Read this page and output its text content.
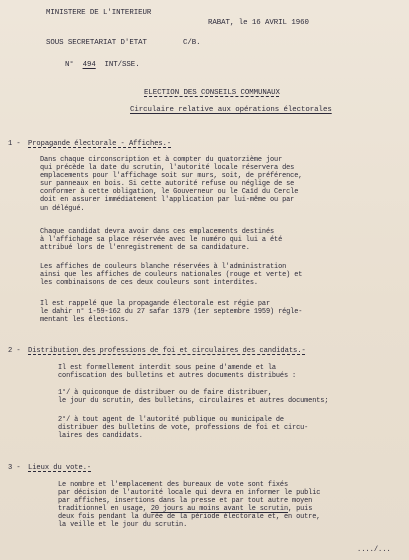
MINISTERE DE L'INTERIEUR
RABAT, le 16 AVRIL 1960
SOUS SECRETARIAT D'ETAT	C/B.
N° 494 INT/SSE.
ELECTION DES CONSEILS COMMUNAUX
Circulaire relative aux opérations électorales
1 - Propagande électorale - Affiches.-
Dans chaque circonscription et à compter du quatorzième jour
qui précède la date du scrutin, l'autorité locale réservera des
emplacements pour l'affichage soit sur murs, soit, de préférence,
sur panneaux en bois. Si cette autorité refuse ou néglige de se
conformer à cette obligation, le Gouverneur ou le Caïd du Cercle
doit en assurer immédiatement l'application par lui-même ou par
un délégué.
Chaque candidat devra avoir dans ces emplacements destinés
à l'affichage sa place réservée avec le numéro qui lui a été
attribué lors de l'enregistrement de sa candidature.
Les affiches de couleurs blanche réservées à l'administration
ainsi que les affiches de couleurs nationales (rouge et verte) et
les combinaisons de ces deux couleurs sont interdites.
Il est rappelé que la propagande électorale est régie par
le dahir n° 1-59-162 du 27 safar 1379 (1er septembre 1959) régle-
mentant les élections.
2 - Distribution des professions de foi et circulaires des candidats.-
Il est formellement interdit sous peine d'amende et la
confiscation des bulletins et autres documents distribués :
1°/ à quiconque de distribuer ou de faire distribuer,
le jour du scrutin, des bulletins, circulaires et autres documents;
2°/ à tout agent de l'autorité publique ou municipale de
distribuer des bulletins de vote, professions de foi et circu-
laires des candidats.
3 - Lieux du vote.-
Le nombre et l'emplacement des bureaux de vote sont fixés
par décision de l'autorité locale qui devra en informer le public
par affiches, insertions dans la presse et par tout autre moyen
traditionnel en usage, 20 jours au moins avant le scrutin, puis
deux fois pendant la durée de la période électorale et, en outre,
la veille et le jour du scrutin.
..../...
